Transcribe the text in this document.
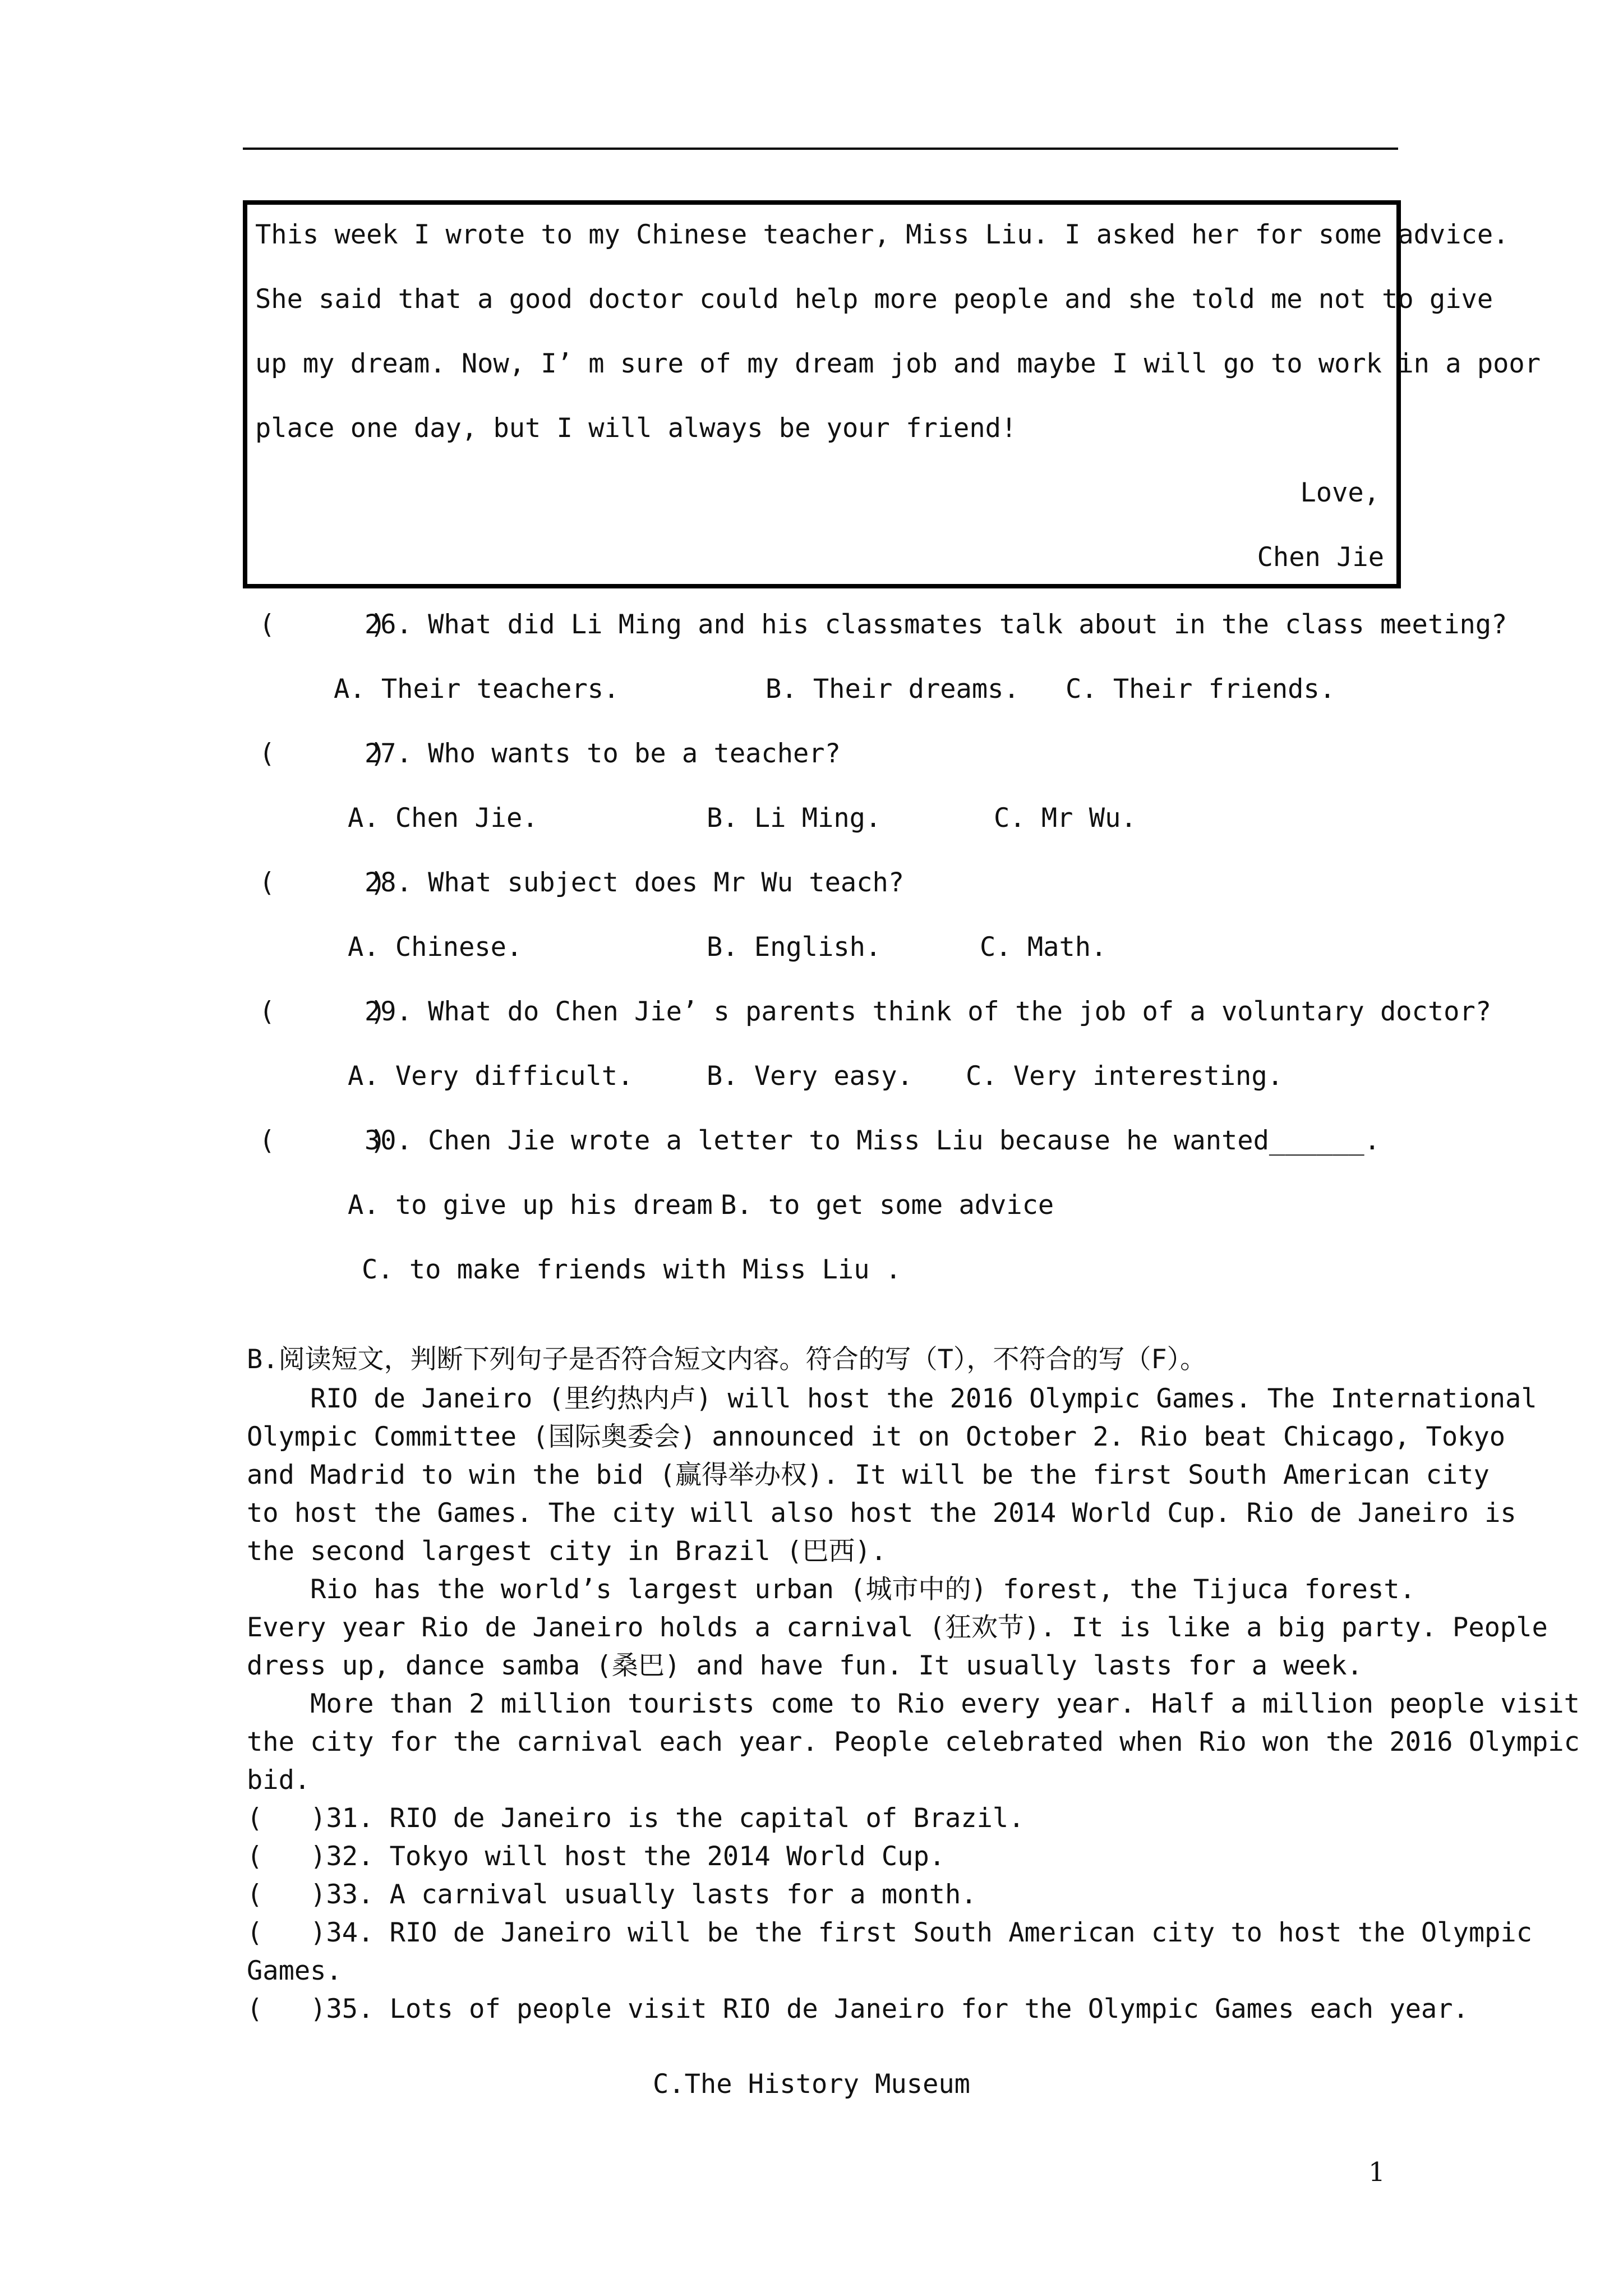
This week I wrote to my Chinese teacher, Miss Liu. I asked her for some advice.
She said that a good doctor could help more people and she told me not to give
up my dream. Now, I’ m sure of my dream job and maybe I will go to work in a poor
place one day, but I will always be your friend!
Love,
Chen Jie
(      )
26. What did Li Ming and his classmates talk about in the class meeting?
A. Their teachers.	B. Their dreams. C. Their friends.
(      )
27. Who wants to be a teacher?
A. Chen Jie.	B. Li Ming.	C. Mr Wu.
(      )
28. What subject does Mr Wu teach?
A. Chinese.	B. English.	C. Math.
(      )
29. What do Chen Jie’ s parents think of the job of a voluntary doctor?
A. Very difficult.	B. Very easy. C. Very interesting.
(      )
30. Chen Jie wrote a letter to Miss Liu because he wanted______.
A. to give up his dream B. to get some advice
C. to make friends with Miss Liu .
B.阅读短文，判断下列句子是否符合短文内容。符合的写（T），不符合的写（F）。
RIO de Janeiro (里约热内卢) will host the 2016 Olympic Games. The International
Olympic Committee (国际奥委会) announced it on October 2. Rio beat Chicago, Tokyo
and Madrid to win the bid (赢得举办权). It will be the first South American city
to host the Games. The city will also host the 2014 World Cup. Rio de Janeiro is
the second largest city in Brazil (巴西).
Rio has the world’s largest urban (城市中的) forest, the Tijuca forest.
Every year Rio de Janeiro holds a carnival (狂欢节). It is like a big party. People
dress up, dance samba (桑巴) and have fun. It usually lasts for a week.
More than 2 million tourists come to Rio every year. Half a million people visit
the city for the carnival each year. People celebrated when Rio won the 2016 Olympic
bid.
(   )31. RIO de Janeiro is the capital of Brazil.
(   )32. Tokyo will host the 2014 World Cup.
(   )33. A carnival usually lasts for a month.
(   )34. RIO de Janeiro will be the first South American city to host the Olympic
Games.
(   )35. Lots of people visit RIO de Janeiro for the Olympic Games each year.
C.The History Museum
1
